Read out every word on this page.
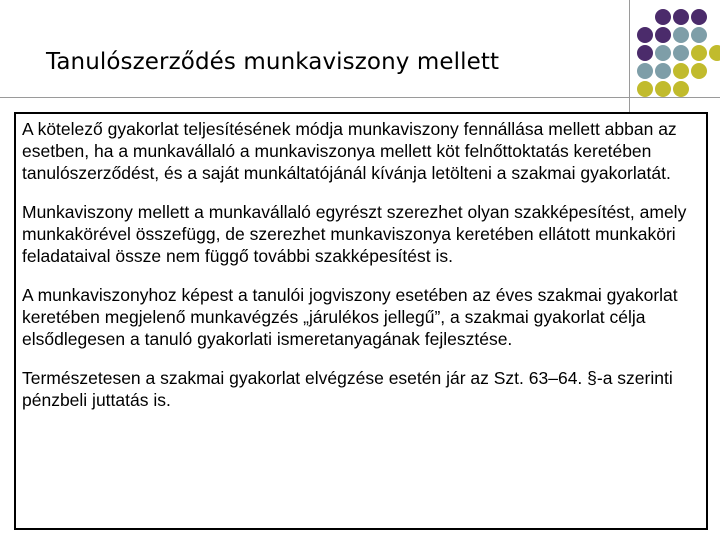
Tanulószerződés munkaviszony mellett

A kötelező gyakorlat teljesítésének módja munkaviszony fennállása mellett abban az esetben, ha a munkavállaló a munkaviszonya mellett köt felnőttoktatás keretében tanulószerződést, és a saját munkáltatójánál kívánja letölteni a szakmai gyakorlatát.

Munkaviszony mellett a munkavállaló egyrészt szerezhet olyan szakképesítést, amely munkakörével összefügg, de szerezhet munkaviszonya keretében ellátott munkaköri feladataival össze nem függő további szakképesítést is.

A munkaviszonyhoz képest a tanulói jogviszony esetében az éves szakmai gyakorlat keretében megjelenő munkavégzés „járulékos jellegű”, a szakmai gyakorlat célja elsődlegesen a tanuló gyakorlati ismeretanyagának fejlesztése.

Természetesen a szakmai gyakorlat elvégzése esetén jár az Szt. 63–64. §-a szerinti pénzbeli juttatás is.
